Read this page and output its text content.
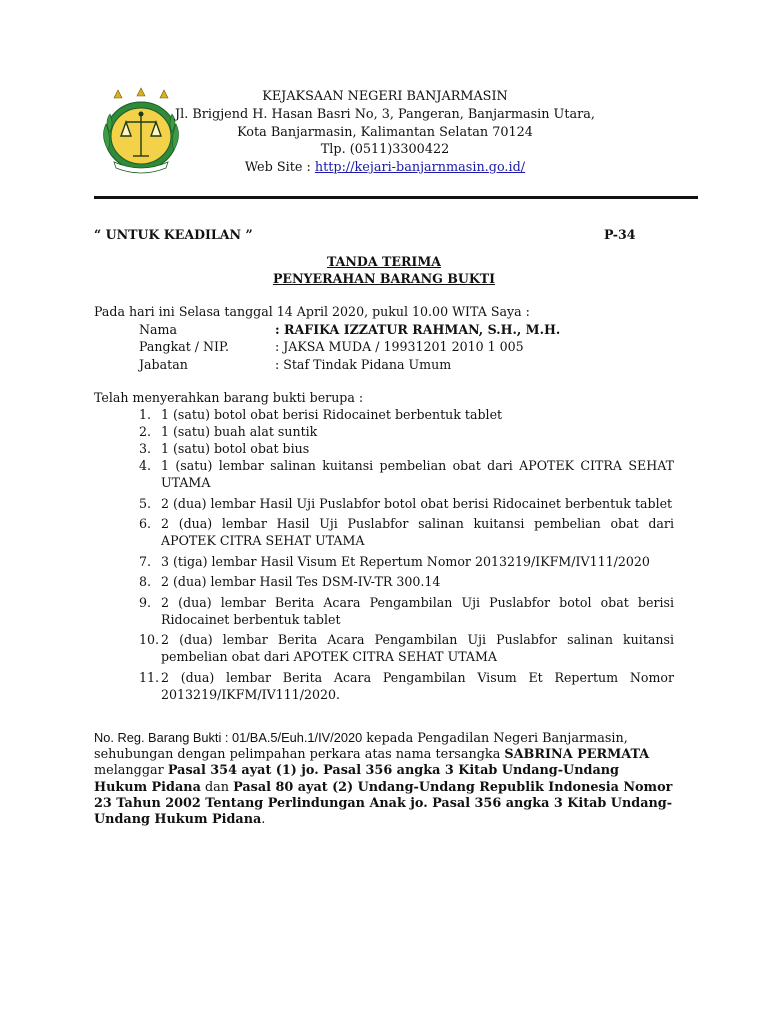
KEJAKSAAN NEGERI BANJARMASIN
Jl. Brigjend H. Hasan Basri No, 3, Pangeran, Banjarmasin Utara,
Kota Banjarmasin, Kalimantan Selatan 70124
Tlp. (0511)3300422
Web Site : http://kejari-banjarnmasin.go.id/
“ UNTUK KEADILAN ”	P-34
TANDA TERIMA
PENYERAHAN BARANG BUKTI
Pada hari ini Selasa tanggal 14 April 2020, pukul 10.00 WITA Saya :
Nama	: RAFIKA IZZATUR RAHMAN, S.H., M.H.
Pangkat / NIP.	: JAKSA MUDA / 19931201 2010 1 005
Jabatan	: Staf Tindak Pidana Umum
Telah menyerahkan barang bukti berupa :
1. 1 (satu) botol obat berisi Ridocainet berbentuk tablet
2. 1 (satu) buah alat suntik
3. 1 (satu) botol obat bius
4. 1 (satu) lembar salinan kuitansi pembelian obat dari APOTEK CITRA SEHAT UTAMA
5. 2 (dua) lembar Hasil Uji Puslabfor botol obat berisi Ridocainet berbentuk tablet
6. 2 (dua) lembar Hasil Uji Puslabfor salinan kuitansi pembelian obat dari APOTEK CITRA SEHAT UTAMA
7. 3 (tiga) lembar Hasil Visum Et Repertum Nomor 2013219/IKFM/IV111/2020
8. 2 (dua) lembar Hasil Tes DSM-IV-TR 300.14
9. 2 (dua) lembar Berita Acara Pengambilan Uji Puslabfor botol obat berisi Ridocainet berbentuk tablet
10. 2 (dua) lembar Berita Acara Pengambilan Uji Puslabfor salinan kuitansi pembelian obat dari APOTEK CITRA SEHAT UTAMA
11. 2 (dua) lembar Berita Acara Pengambilan Visum Et Repertum Nomor 2013219/IKFM/IV111/2020.
No. Reg. Barang Bukti : 01/BA.5/Euh.1/IV/2020 kepada Pengadilan Negeri Banjarmasin, sehubungan dengan pelimpahan perkara atas nama tersangka SABRINA PERMATA melanggar Pasal 354 ayat (1) jo. Pasal 356 angka 3 Kitab Undang-Undang Hukum Pidana dan Pasal 80 ayat (2) Undang-Undang Republik Indonesia Nomor 23 Tahun 2002 Tentang Perlindungan Anak jo. Pasal 356 angka 3 Kitab Undang-Undang Hukum Pidana.
